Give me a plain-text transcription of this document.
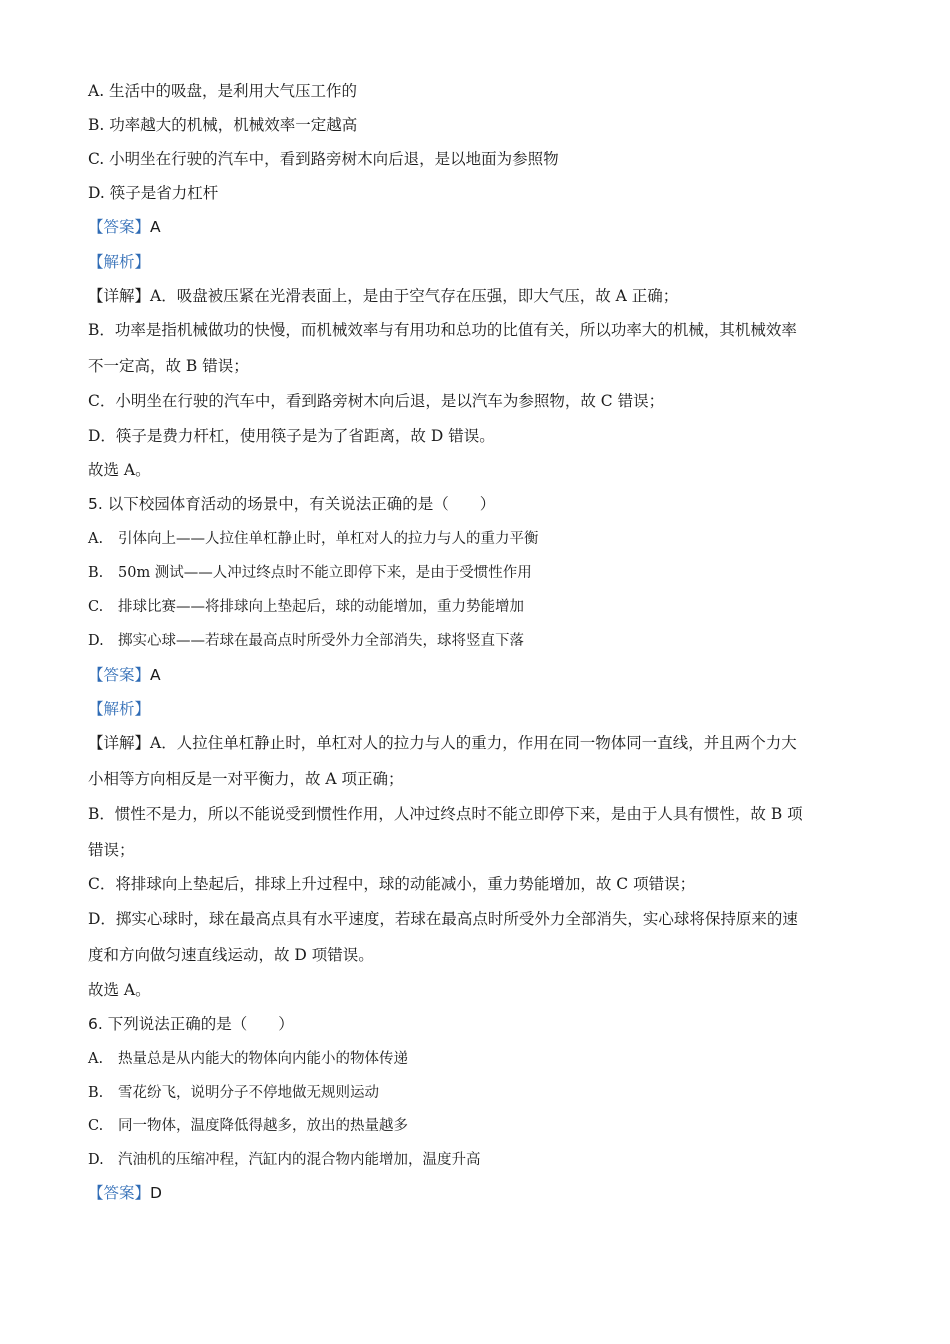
A. 生活中的吸盘，是利用大气压工作的
B. 功率越大的机械，机械效率一定越高
C. 小明坐在行驶的汽车中，看到路旁树木向后退，是以地面为参照物
D. 筷子是省力杠杆
【答案】A
【解析】
【详解】A．吸盘被压紧在光滑表面上，是由于空气存在压强，即大气压，故 A 正确；
B．功率是指机械做功的快慢，而机械效率与有用功和总功的比值有关，所以功率大的机械，其机械效率
不一定高，故 B 错误；
C．小明坐在行驶的汽车中，看到路旁树木向后退，是以汽车为参照物，故 C 错误；
D．筷子是费力杆杠，使用筷子是为了省距离，故 D 错误。
故选 A。
5. 以下校园体育活动的场景中，有关说法正确的是（　　）
A. 引体向上——人拉住单杠静止时，单杠对人的拉力与人的重力平衡
B. 50m 测试——人冲过终点时不能立即停下来，是由于受惯性作用
C. 排球比赛——将排球向上垫起后，球的动能增加，重力势能增加
D. 掷实心球——若球在最高点时所受外力全部消失，球将竖直下落
【答案】A
【解析】
【详解】A．人拉住单杠静止时，单杠对人的拉力与人的重力，作用在同一物体同一直线，并且两个力大
小相等方向相反是一对平衡力，故 A 项正确；
B．惯性不是力，所以不能说受到惯性作用，人冲过终点时不能立即停下来，是由于人具有惯性，故 B 项
错误；
C．将排球向上垫起后，排球上升过程中，球的动能减小，重力势能增加，故 C 项错误；
D．掷实心球时，球在最高点具有水平速度，若球在最高点时所受外力全部消失，实心球将保持原来的速
度和方向做匀速直线运动，故 D 项错误。
故选 A。
6. 下列说法正确的是（　　）
A. 热量总是从内能大的物体向内能小的物体传递
B. 雪花纷飞，说明分子不停地做无规则运动
C. 同一物体，温度降低得越多，放出的热量越多
D. 汽油机的压缩冲程，汽缸内的混合物内能增加，温度升高
【答案】D
